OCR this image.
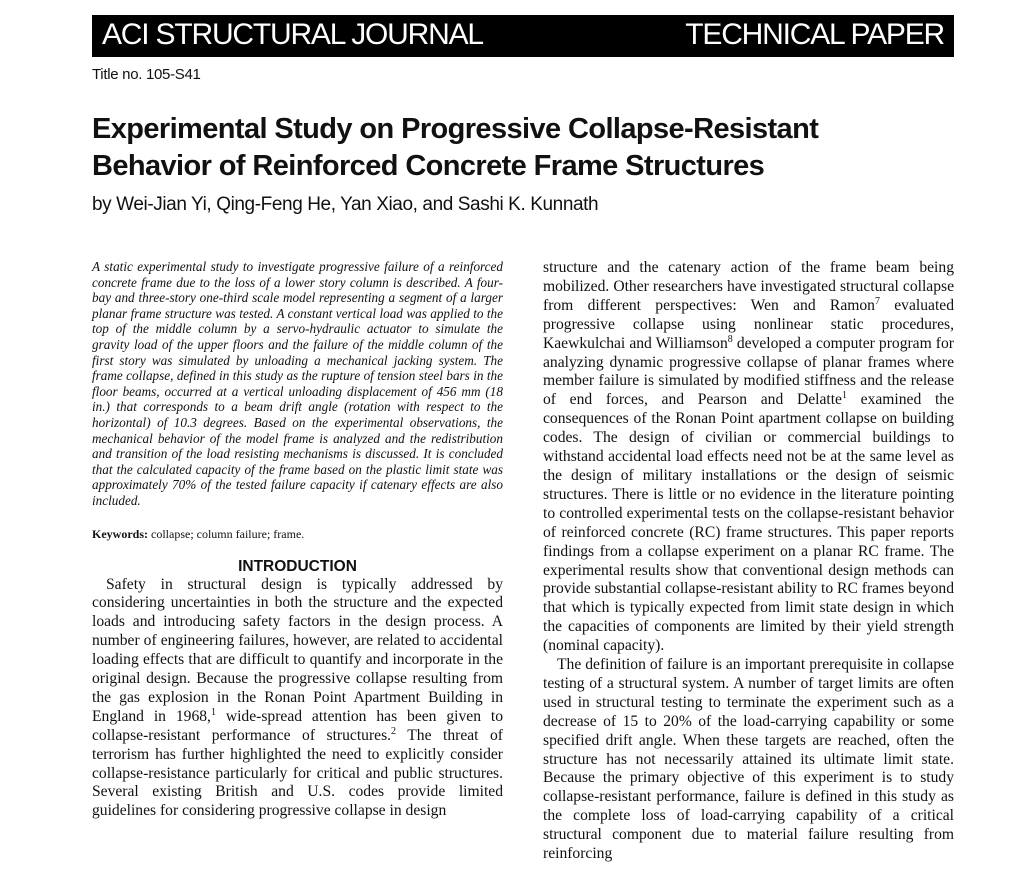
ACI STRUCTURAL JOURNAL	TECHNICAL PAPER
Title no. 105-S41
Experimental Study on Progressive Collapse-Resistant
Behavior of Reinforced Concrete Frame Structures
by Wei-Jian Yi, Qing-Feng He, Yan Xiao, and Sashi K. Kunnath

A static experimental study to investigate progressive failure of a reinforced concrete frame due to the loss of a lower story column is described. A four-bay and three-story one-third scale model representing a segment of a larger planar frame structure was tested. A constant vertical load was applied to the top of the middle column by a servo-hydraulic actuator to simulate the gravity load of the upper floors and the failure of the middle column of the first story was simulated by unloading a mechanical jacking system. The frame collapse, defined in this study as the rupture of tension steel bars in the floor beams, occurred at a vertical unloading displacement of 456 mm (18 in.) that corresponds to a beam drift angle (rotation with respect to the horizontal) of 10.3 degrees. Based on the experimental observations, the mechanical behavior of the model frame is analyzed and the redistribution and transition of the load resisting mechanisms is discussed. It is concluded that the calculated capacity of the frame based on the plastic limit state was approximately 70% of the tested failure capacity if catenary effects are also included.

Keywords: collapse; column failure; frame.

INTRODUCTION

Safety in structural design is typically addressed by considering uncertainties in both the structure and the expected loads and introducing safety factors in the design process. A number of engineering failures, however, are related to accidental loading effects that are difficult to quantify and incorporate in the original design. Because the progressive collapse resulting from the gas explosion in the Ronan Point Apartment Building in England in 1968,$^1$ wide-spread attention has been given to collapse-resistant performance of structures.$^2$ The threat of terrorism has further highlighted the need to explicitly consider collapse-resistance particularly for critical and public structures. Several existing British and U.S. codes provide limited guidelines for considering progressive collapse in design

structure and the catenary action of the frame beam being mobilized. Other researchers have investigated structural collapse from different perspectives: Wen and Ramon$^7$ evaluated progressive collapse using nonlinear static procedures, Kaewkulchai and Williamson$^8$ developed a computer program for analyzing dynamic progressive collapse of planar frames where member failure is simulated by modified stiffness and the release of end forces, and Pearson and Delatte$^1$ examined the consequences of the Ronan Point apartment collapse on building codes. The design of civilian or commercial buildings to withstand accidental load effects need not be at the same level as the design of military installations or the design of seismic structures. There is little or no evidence in the literature pointing to controlled experimental tests on the collapse-resistant behavior of reinforced concrete (RC) frame structures. This paper reports findings from a collapse experiment on a planar RC frame. The experimental results show that conventional design methods can provide substantial collapse-resistant ability to RC frames beyond that which is typically expected from limit state design in which the capacities of components are limited by their yield strength (nominal capacity).

The definition of failure is an important prerequisite in collapse testing of a structural system. A number of target limits are often used in structural testing to terminate the experiment such as a decrease of 15 to 20% of the load-carrying capability or some specified drift angle. When these targets are reached, often the structure has not necessarily attained its ultimate limit state. Because the primary objective of this experiment is to study collapse-resistant performance, failure is defined in this study as the complete loss of load-carrying capability of a critical structural component due to material failure resulting from reinforcing
